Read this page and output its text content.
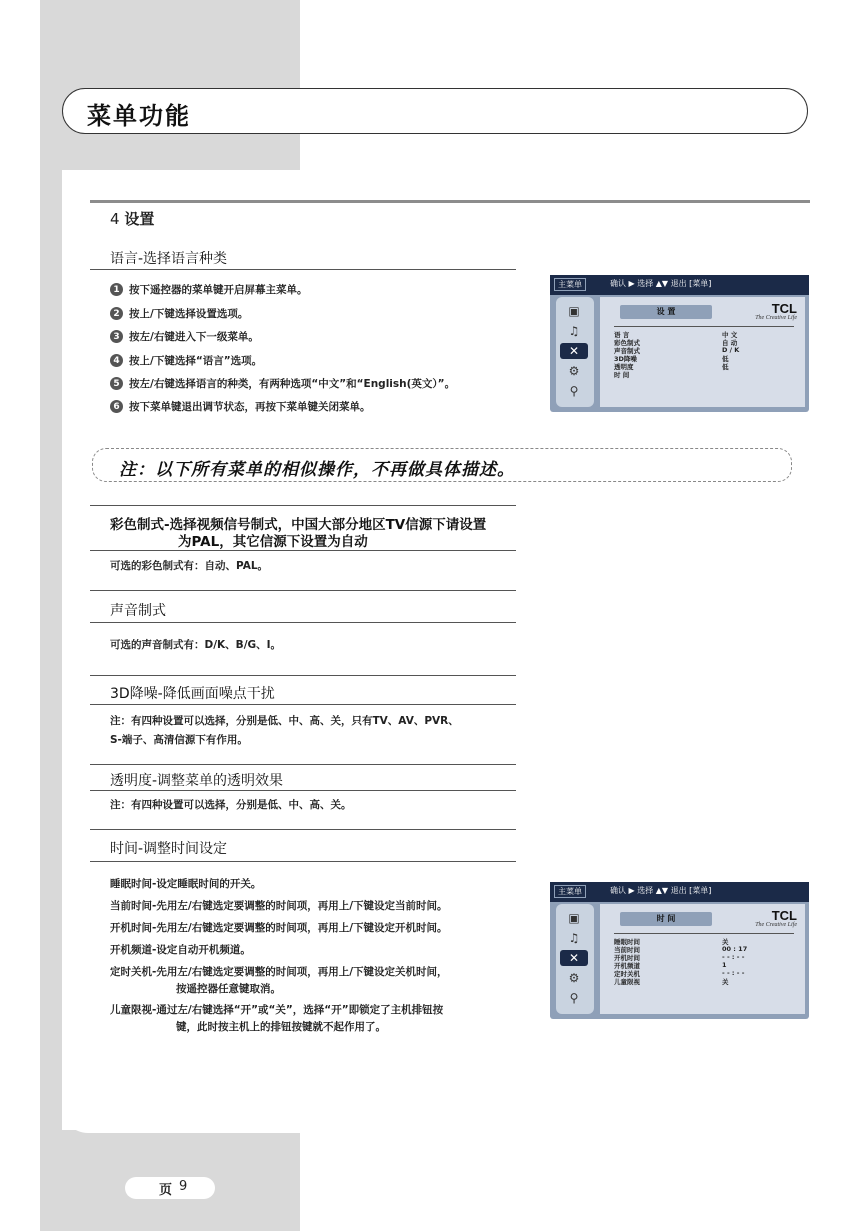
菜单功能
4 设置
语言-选择语言种类
1 按下遥控器的菜单键开启屏幕主菜单。
2 按上/下键选择设置选项。
3 按左/右键进入下一级菜单。
4 按上/下键选择“语言”选项。
5 按左/右键选择语言的种类，有两种选项“中文”和“English(英文）”。
6 按下菜单键退出调节状态，再按下菜单键关闭菜单。
主菜单	确认 ▶ 选择 ▲▼ 退出 [菜单]
▣
♫
✕
⚙
⚲
TCL
The Creative Life
设 置
语 言	中 文
彩色制式	自 动
声音制式	D / K
3D降噪	低
透明度	低
时 间
注：以下所有菜单的相似操作，不再做具体描述。
彩色制式-选择视频信号制式，中国大部分地区TV信源下请设置
为PAL，其它信源下设置为自动
可选的彩色制式有：自动、PAL。
声音制式
可选的声音制式有：D/K、B/G、I。
3D降噪-降低画面噪点干扰
注：有四种设置可以选择，分别是低、中、高、关，只有TV、AV、PVR、
S-端子、高清信源下有作用。
透明度-调整菜单的透明效果
注：有四种设置可以选择，分别是低、中、高、关。
时间-调整时间设定
睡眠时间-设定睡眠时间的开关。
当前时间-先用左/右键选定要调整的时间项，再用上/下键设定当前时间。
开机时间-先用左/右键选定要调整的时间项，再用上/下键设定开机时间。
开机频道-设定自动开机频道。
定时关机-先用左/右键选定要调整的时间项，再用上/下键设定关机时间，
按遥控器任意键取消。
儿童限视-通过左/右键选择“开”或“关”，选择“开”即锁定了主机排钮按
键，此时按主机上的排钮按键就不起作用了。
主菜单	确认 ▶ 选择 ▲▼ 退出 [菜单]
▣
♫
✕
⚙
⚲
TCL
The Creative Life
时 间
睡眠时间	关
当前时间	00 : 17
开机时间	- - : - -
开机频道	1
定时关机	- - : - -
儿童限视	关
页 9
